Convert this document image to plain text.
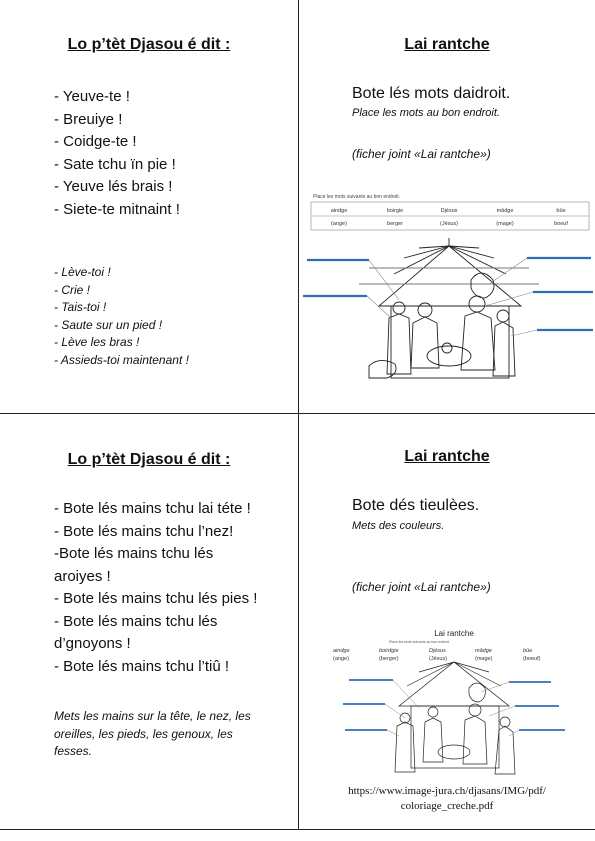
Lo p’tèt Djasou é dit :
- Yeuve-te !
- Breuiye !
- Coidge-te !
- Sate tchu ïn pie !
- Yeuve lés brais !
- Siete-te mitnaint !
- Lève-toi !
- Crie !
- Tais-toi !
- Saute sur un pied !
- Lève les bras !
- Assieds-toi maintenant !
Lai rantche
Bote lés mots daidroit.
Place les mots au bon endroit.
(ficher joint «Lai rantche»)
Place les mots suivants au bon endroit.
aindge	boirgie	Djésus	mâdge	bûe
(ange)	berger	(Jésus)	(mage)	boeuf
Lo p’tèt Djasou é dit :
- Bote lés mains tchu lai téte !
- Bote lés mains tchu l’nez!
-Bote lés mains tchu lés
aroiyes !
- Bote lés mains tchu lés pies !
- Bote lés mains tchu lés
d’gnoyons !
- Bote lés mains tchu l’tiû !
Mets les mains sur la tête, le nez, les
oreilles, les pieds, les genoux, les
fesses.
Lai rantche
Bote dés tieulèes.
Mets des couleurs.
(ficher joint «Lai rantche»)
Lai rantche
Place les mots suivants au bon endroit
aindge	boirdgie	Djésus	mâdge	bûe
(ange)	(berger)	(Jésus)	(mage)	(boeuf)
https://www.image-jura.ch/djasans/IMG/pdf/
coloriage_creche.pdf
